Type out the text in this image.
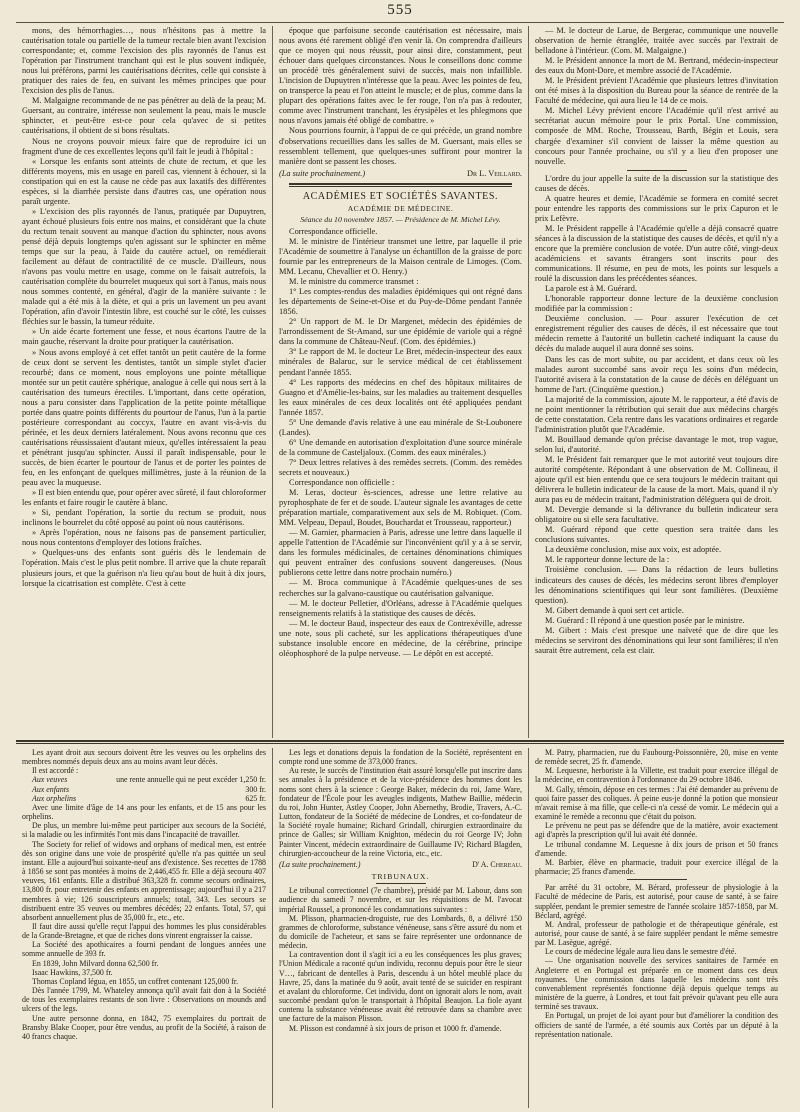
555

mons, des hémorrhagies…, nous n'hésitons pas à mettre la cautérisation totale ou partielle de la tumeur rectale bien avant l'excision correspondante; et, comme l'excision des plis rayonnés de l'anus est l'opération par l'instrument tranchant qui est le plus souvent indiquée, nous lui préférons, parmi les cautérisations décrites, celle qui consiste à pratiquer des raies de feu, en suivant les mêmes principes que pour l'excision des plis de l'anus.

M. Malgaigne recommande de ne pas pénétrer au delà de la peau; M. Guersant, au contraire, intéresse non seulement la peau, mais le muscle sphincter, et peut-être est-ce pour cela qu'avec de si petites cautérisations, il obtient de si bons résultats.

Nous ne croyons pouvoir mieux faire que de reproduire ici un fragment d'une de ces excellentes leçons qu'il fait le jeudi à l'hôpital :

« Lorsque les enfants sont atteints de chute de rectum, et que les différents moyens, mis en usage en pareil cas, viennent à échouer, si la constipation qui en est la cause ne cède pas aux laxatifs des différentes espèces, si la diarrhée persiste dans d'autres cas, une opération nous paraît urgente.

» L'excision des plis rayonnés de l'anus, pratiquée par Dupuytren, ayant échoué plusieurs fois entre nos mains, et considérant que la chute du rectum tenait souvent au manque d'action du sphincter, nous avons pensé déjà depuis longtemps qu'en agissant sur le sphincter en même temps que sur la peau, à l'aide du cautère actuel, on remédierait facilement au défaut de contractilité de ce muscle. D'ailleurs, nous n'avons pas voulu mettre en usage, comme on le faisait autrefois, la cautérisation complète du bourrelet muqueux qui sort à l'anus, mais nous nous sommes contenté, en général, d'agir de la manière suivante : le malade qui a été mis à la diète, et qui a pris un lavement un peu avant l'opération, afin d'avoir l'intestin libre, est couché sur le côté, les cuisses fléchies sur le bassin, la tumeur réduite.

» Un aide écarte fortement une fesse, et nous écartons l'autre de la main gauche, réservant la droite pour pratiquer la cautérisation.

» Nous avons employé à cet effet tantôt un petit cautère de la forme de ceux dont se servent les dentistes, tantôt un simple stylet d'acier recourbé; dans ce moment, nous employons une pointe métallique montée sur un petit cautère sphérique, analogue à celle qui nous sert à la cautérisation des tumeurs érectiles. L'important, dans cette opération, nous a paru consister dans l'application de la petite pointe métallique portée dans quatre points différents du pourtour de l'anus, l'un à la partie postérieure correspondant au coccyx, l'autre en avant vis-à-vis du périnée, et les deux derniers latéralement. Nous avons reconnu que ces cautérisations réussissaient d'autant mieux, qu'elles intéressaient la peau et pénétrant jusqu'au sphincter. Aussi il paraît indispensable, pour le succès, de bien écarter le pourtour de l'anus et de porter les pointes de feu, en les enfonçant de quelques millimètres, juste à la réunion de la peau avec la muqueuse.

» Il est bien entendu que, pour opérer avec sûreté, il faut chloroformer les enfants et faire rougir le cautère à blanc.

» Si, pendant l'opération, la sortie du rectum se produit, nous inclinons le bourrelet du côté opposé au point où nous cautérisons.

» Après l'opération, nous ne faisons pas de pansement particulier, nous nous contentons d'employer des lotions fraîches.

» Quelques-uns des enfants sont guéris dès le lendemain de l'opération. Mais c'est le plus petit nombre. Il arrive que la chute reparaît plusieurs jours, et que la guérison n'a lieu qu'au bout de huit à dix jours, lorsque la cicatrisation est complète. C'est à cette

époque que parfoisune seconde cautérisation est nécessaire, mais nous avons été rarement obligé d'en venir là. On comprendra d'ailleurs que ce moyen qui nous réussit, pour ainsi dire, constamment, peut échouer dans quelques circonstances. Nous le conseillons donc comme un procédé très généralement suivi de succès, mais non infaillible. L'incision de Dupuytren n'intéresse que la peau. Avec les pointes de feu, on transperce la peau et l'on atteint le muscle; et de plus, comme dans la plupart des opérations faites avec le fer rouge, l'on n'a pas à redouter, comme avec l'instrument tranchant, les érysipèles et les phlegmons que nous n'avons jamais été obligé de combattre. »

Nous pourrions fournir, à l'appui de ce qui précède, un grand nombre d'observations recueillies dans les salles de M. Guersant, mais elles se ressemblent tellement, que quelques-unes suffiront pour montrer la manière dont se passent les choses.

(La suite prochainement.)	Dr L. Veillard.
ACADÉMIES ET SOCIÉTÉS SAVANTES.
ACADÉMIE DE MÉDECINE.
Séance du 10 novembre 1857. — Présidence de M. Michel Lévy.

Correspondance officielle.

M. le ministre de l'intérieur transmet une lettre, par laquelle il prie l'Académie de soumettre à l'analyse un échantillon de la graisse de porc fournie par les entrepreneurs de la Maison centrale de Limoges. (Com. MM. Lecanu, Chevallier et O. Henry.)

M. le ministre du commerce transmet :

1° Les comptes-rendus des maladies épidémiques qui ont régné dans les départements de Seine-et-Oise et du Puy-de-Dôme pendant l'année 1856.

2° Un rapport de M. le Dr Margenet, médecin des épidémies de l'arrondissement de St-Amand, sur une épidémie de variole qui a régné dans la commune de Château-Neuf. (Com. des épidémies.)

3° Le rapport de M. le docteur Le Bret, médecin-inspecteur des eaux minérales de Balaruc, sur le service médical de cet établissement pendant l'année 1855.

4° Les rapports des médecins en chef des hôpitaux militaires de Guagno et d'Amélie-les-bains, sur les maladies au traitement desquelles les eaux minérales de ces deux localités ont été appliquées pendant l'année 1857.

5° Une demande d'avis relative à une eau minérale de St-Loubonere (Landes).

6° Une demande en autorisation d'exploitation d'une source minérale de la commune de Casteljaloux. (Comm. des eaux minérales.)

7° Deux lettres relatives à des remèdes secrets. (Comm. des remèdes secrets et nouveaux.)

Correspondance non officielle :

M. Leras, docteur ès-sciences, adresse une lettre relative au pyrophosphate de fer et de soude. L'auteur signale les avantages de cette préparation martiale, comparativement aux sels de M. Robiquet. (Com. MM. Velpeau, Depaul, Boudet, Bouchardat et Trousseau, rapporteur.)

— M. Garnier, pharmacien à Paris, adresse une lettre dans laquelle il appelle l'attention de l'Académie sur l'inconvénient qu'il y a à se servir, dans les formules médicinales, de certaines dénominations chimiques qui peuvent entraîner des confusions souvent dangereuses. (Nous publierons cette lettre dans notre prochain numéro.)

— M. Broca communique à l'Académie quelques-unes de ses recherches sur la galvano-caustique ou cautérisation galvanique.

— M. le docteur Pelletier, d'Orléans, adresse à l'Académie quelques renseignements relatifs à la statistique des causes de décès.

— M. le docteur Baud, inspecteur des eaux de Contrexéville, adresse une note, sous pli cacheté, sur les applications thérapeutiques d'une substance insoluble encore en médecine, de la cérébrine, principe oléophosphoré de la pulpe nerveuse. — Le dépôt en est accepté.

— M. le docteur de Larue, de Bergerac, communique une nouvelle observation de hernie étranglée, traitée avec succès par l'extrait de belladone à l'intérieur. (Com. M. Malgaigne.)

M. le Président annonce la mort de M. Bertrand, médecin-inspecteur des eaux du Mont-Dore, et membre associé de l'Académie.

M. le Président prévient l'Académie que plusieurs lettres d'invitation ont été mises à la disposition du Bureau pour la séance de rentrée de la Faculté de médecine, qui aura lieu le 14 de ce mois.

M. Michel Lévy prévient encore l'Académie qu'il n'est arrivé au secrétariat aucun mémoire pour le prix Portal. Une commission, composée de MM. Roche, Trousseau, Barth, Bégin et Louis, sera chargée d'examiner s'il convient de laisser la même question au concours pour l'année prochaine, ou s'il y a lieu d'en proposer une nouvelle.

L'ordre du jour appelle la suite de la discussion sur la statistique des causes de décès.

A quatre heures et demie, l'Académie se formera en comité secret pour entendre les rapports des commissions sur le prix Capuron et le prix Lefèvre.

M. le Président rappelle à l'Académie qu'elle a déjà consacré quatre séances à la discussion de la statistique des causes de décès, et qu'il n'y a encore que la première conclusion de votée. D'un autre côté, vingt-deux académiciens et savants étrangers sont inscrits pour des communications. Il résume, en peu de mots, les points sur lesquels a roulé la discussion dans les précédentes séances.

La parole est à M. Guérard.

L'honorable rapporteur donne lecture de la deuxième conclusion modifiée par la commission :

Deuxième conclusion. — Pour assurer l'exécution de cet enregistrement régulier des causes de décès, il est nécessaire que tout médecin remette à l'autorité un bulletin cacheté indiquant la cause du décès du malade auquel il aura donné ses soins.

Dans les cas de mort subite, ou par accident, et dans ceux où les malades auront succombé sans avoir reçu les soins d'un médecin, l'autorité avisera à la constatation de la cause de décès en déléguant un homme de l'art. (Cinquième question.)

La majorité de la commission, ajoute M. le rapporteur, a été d'avis de ne point mentionner la rétribution qui serait due aux médecins chargés de cette constatation. Cela rentre dans les vacations ordinaires et regarde l'administration plutôt que l'Académie.

M. Bouillaud demande qu'on précise davantage le mot, trop vague, selon lui, d'autorité.

M. le Président fait remarquer que le mot autorité veut toujours dire autorité compétente. Répondant à une observation de M. Collineau, il ajoute qu'il est bien entendu que ce sera toujours le médecin traitant qui délivrera le bulletin indicateur de la cause de la mort. Mais, quand il n'y aura pas eu de médecin traitant, l'administration déléguera qui de droit.

M. Devergie demande si la délivrance du bulletin indicateur sera obligatoire ou si elle sera facultative.

M. Guérard répond que cette question sera traitée dans les conclusions suivantes.

La deuxième conclusion, mise aux voix, est adoptée.

M. le rapporteur donne lecture de la :

Troisième conclusion. — Dans la rédaction de leurs bulletins indicateurs des causes de décès, les médecins seront libres d'employer les dénominations scientifiques qui leur sont familières. (Deuxième question).

M. Gibert demande à quoi sert cet article.

M. Guérard : Il répond à une question posée par le ministre.

M. Gibert : Mais c'est presque une naïveté que de dire que les médecins se serviront des dénominations qui leur sont familières; il n'en saurait être autrement, cela est clair.

Les ayant droit aux secours doivent être les veuves ou les orphelins des membres nommés depuis deux ans au moins avant leur décès.

Il est accordé :

Aux veuves	une rente annuelle qui ne peut excéder 1,250 fr.
Aux enfants	300 fr.
Aux orphelins	625 fr.

Avec une limite d'âge de 14 ans pour les enfants, et de 15 ans pour les orphelins.

De plus, un membre lui-même peut participer aux secours de la Société, si la maladie ou les infirmités l'ont mis dans l'incapacité de travailler.

The Society for relief of widows and orphans of medical men, est entrée dès son origine dans une voie de prospérité qu'elle n'a pas quittée un seul instant. Elle a aujourd'hui soixante-neuf ans d'existence. Ses recettes de 1788 à 1856 se sont pas montées à moins de 2,446,455 fr. Elle a déjà secouru 407 veuves, 161 enfants. Elle a distribué 363,328 fr. comme secours ordinaires, 13,800 fr. pour entretenir des enfants en apprentissage; aujourd'hui il y a 217 membres à vie; 126 souscripteurs annuels; total, 343. Les secours se distribuent entre 35 veuves ou membres décédés; 22 enfants. Total, 57, qui absorbent annuellement plus de 35,000 fr., etc., etc.

Il faut dire aussi qu'elle reçut l'appui des hommes les plus considérables de la Grande-Bretagne, et que de riches dons vinrent engraisser la caisse.

La Société des apothicaires a fourni pendant de longues années une somme annuelle de 393 fr.

En 1839, John Milvard donna 62,500 fr.

Isaac Hawkins, 37,500 fr.

Thomas Copland légua, en 1855, un coffret contenant 125,000 fr.

Dès l'année 1799, M. Whateley annonça qu'il avait fait don à la Société de tous les exemplaires restants de son livre : Observations on mounds and ulcers of the legs.

Une autre personne donna, en 1842, 75 exemplaires du portrait de Bransby Blake Cooper, pour être vendus, au profit de la Société, à raison de 40 francs chaque.

Les legs et donations depuis la fondation de la Société, représentent en compte rond une somme de 373,000 francs.

Au reste, le succès de l'institution était assuré lorsqu'elle put inscrire dans ses annales à la présidence et de la vice-présidence des hommes dont les noms sont chers à la science : George Baker, médecin du roi, Jame Ware, fondateur de l'École pour les aveugles indigents, Mathew Baillie, médecin du roi, John Hunter, Astley Cooper, John Abernethy, Brodie, Travers, A.-C. Lutton, fondateur de la Société de médecine de Londres, et co-fondateur de la Société royale humaine; Richard Grindall, chirurgien extraordinaire du prince de Galles; sir William Knighton, médecin du roi George IV; John Painter Vincent, médecin extraordinaire de Guillaume IV; Richard Blagden, chirurgien-accoucheur de la reine Victoria, etc., etc.

(La suite prochainement.)	D' A. Chereau.
TRIBUNAUX.

Le tribunal correctionnel (7e chambre), présidé par M. Labour, dans son audience du samedi 7 novembre, et sur les réquisitions de M. l'avocat impérial Roussel, a prononcé les condamnations suivantes :

M. Plisson, pharmacien-droguiste, rue des Lombards, 8, a délivré 150 grammes de chloroforme, substance vénéneuse, sans s'être assuré du nom et du domicile de l'acheteur, et sans se faire représenter une ordonnance de médecin.

La contravention dont il s'agit ici a eu les conséquences les plus graves; l'Union Médicale a raconté qu'un individu, reconnu depuis pour être le sieur V…, fabricant de dentelles à Paris, descendu à un hôtel meublé place du Havre, 25, dans la matinée du 9 août, avait tenté de se suicider en respirant et avalant du chloroforme. Cet individu, dont on ignorait alors le nom, avait succombé pendant qu'on le transportait à l'hôpital Beaujon. La fiole ayant contenu la substance vénéneuse avait été retrouvée dans sa chambre avec une facture de la maison Plisson.

M. Plisson est condamné à six jours de prison et 1000 fr. d'amende.

M. Patry, pharmacien, rue du Faubourg-Poissonnière, 20, mise en vente de remède secret, 25 fr. d'amende.

M. Lequesne, herboriste à la Villette, est traduit pour exercice illégal de la médecine, en contravention à l'ordonnance du 29 octobre 1846.

M. Gally, témoin, dépose en ces termes : J'ai été demander au prévenu de quoi faire passer des coliques. À peine eus-je donné la potion que monsieur m'avait remise à ma fille, que celle-ci n'a cessé de vomir. Le médecin qui a examiné le remède a reconnu que c'était du poison.

Le prévenu ne peut pas se défendre que de la matière, avoir exactement agi d'après la prescription qu'il lui avait été donnée.

Le tribunal condamne M. Lequesne à dix jours de prison et 50 francs d'amende.

M. Barbier, élève en pharmacie, traduit pour exercice illégal de la pharmacie; 25 francs d'amende.

Par arrêté du 31 octobre, M. Bérard, professeur de physiologie à la Faculté de médecine de Paris, est autorisé, pour cause de santé, à se faire suppléer, pendant le premier semestre de l'année scolaire 1857-1858, par M. Béclard, agrégé.

M. Andral, professeur de pathologie et de thérapeutique générale, est autorisé, pour cause de santé, à se faire suppléer pendant le même semestre par M. Lasègue, agrégé.

Le cours de médecine légale aura lieu dans le semestre d'été.

— Une organisation nouvelle des services sanitaires de l'armée en Angleterre et en Portugal est préparée en ce moment dans ces deux royaumes. Une commission dans laquelle les médecins sont très convenablement représentés fonctionne déjà depuis quelque temps au ministère de la guerre, à Londres, et tout fait prévoir qu'avant peu elle aura terminé ses travaux.

En Portugal, un projet de loi ayant pour but d'améliorer la condition des officiers de santé de l'armée, a été soumis aux Cortès par un député à la représentation nationale.
